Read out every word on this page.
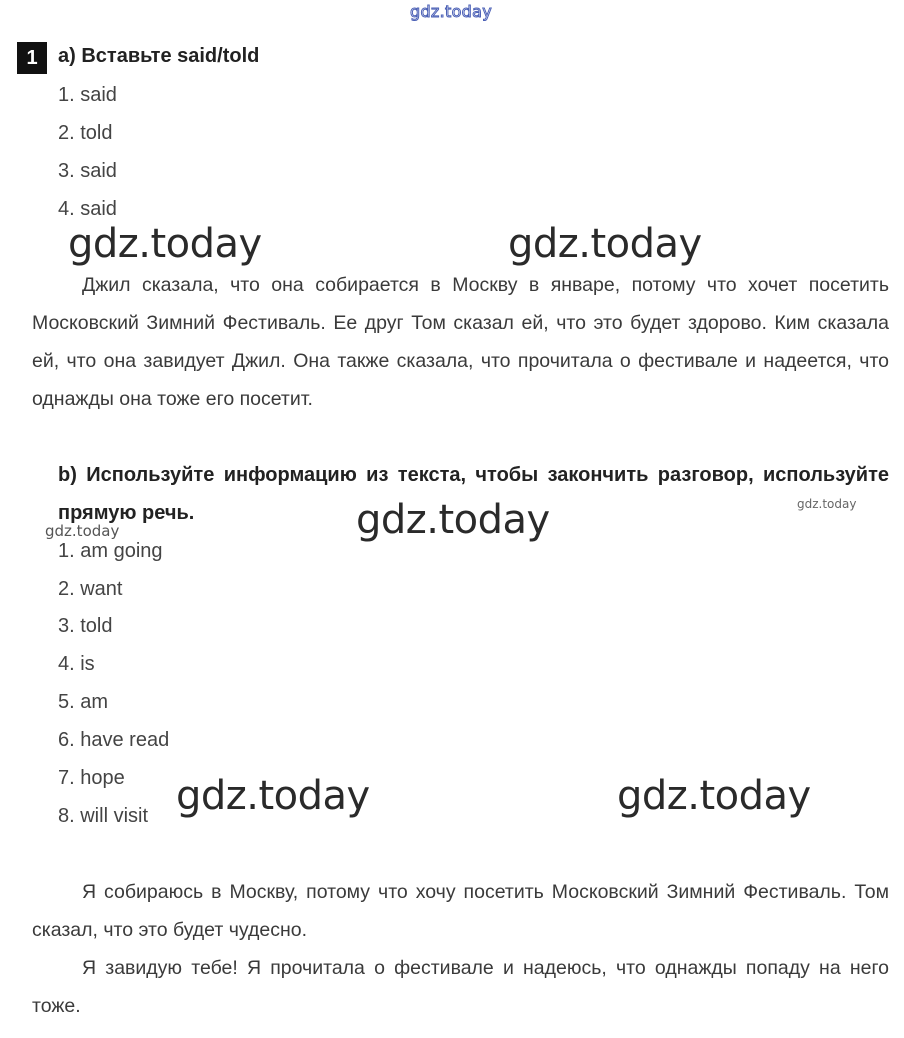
gdz.today
1	a) Вставьте said/told
1. said
2. told
3. said
4. said
gdz.today	gdz.today
Джил сказала, что она собирается в Москву в январе, потому что хочет посетить Московский Зимний Фестиваль. Ее друг Том сказал ей, что это будет здорово. Ким сказала ей, что она завидует Джил. Она также сказала, что прочитала о фестивале и надеется, что однажды она тоже его посетит.
b) Используйте информацию из текста, чтобы закончить разговор, используйте прямую речь.	gdz.today	gdz.today
gdz.today
1. am going
2. want
3. told
4. is
5. am
6. have read
7. hope
8. will visit gdz.today	gdz.today
Я собираюсь в Москву, потому что хочу посетить Московский Зимний Фестиваль. Том сказал, что это будет чудесно.
Я завидую тебе! Я прочитала о фестивале и надеюсь, что однажды попаду на него тоже.
